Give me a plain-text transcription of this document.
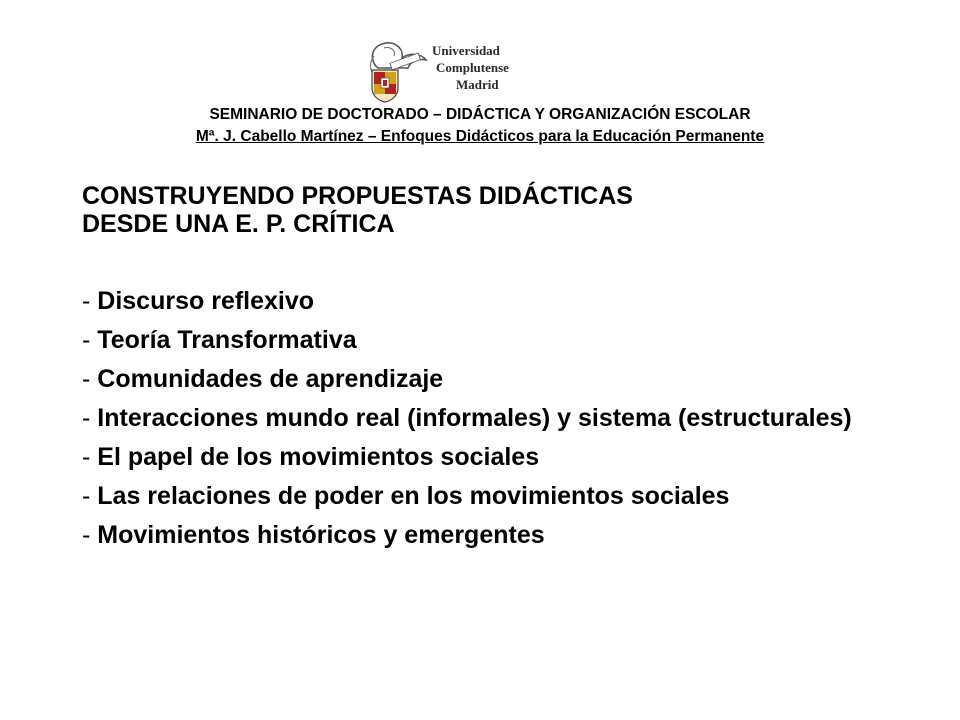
Universidad
Complutense
Madrid
SEMINARIO DE DOCTORADO – DIDÁCTICA Y ORGANIZACIÓN ESCOLAR
Mª. J. Cabello Martínez – Enfoques Didácticos para la Educación Permanente
CONSTRUYENDO PROPUESTAS DIDÁCTICAS
DESDE UNA E. P. CRÍTICA
- Discurso reflexivo
- Teoría Transformativa
- Comunidades de aprendizaje
- Interacciones mundo real (informales) y sistema (estructurales)
- El papel de los movimientos sociales
- Las relaciones de poder en los movimientos sociales
- Movimientos históricos y emergentes
